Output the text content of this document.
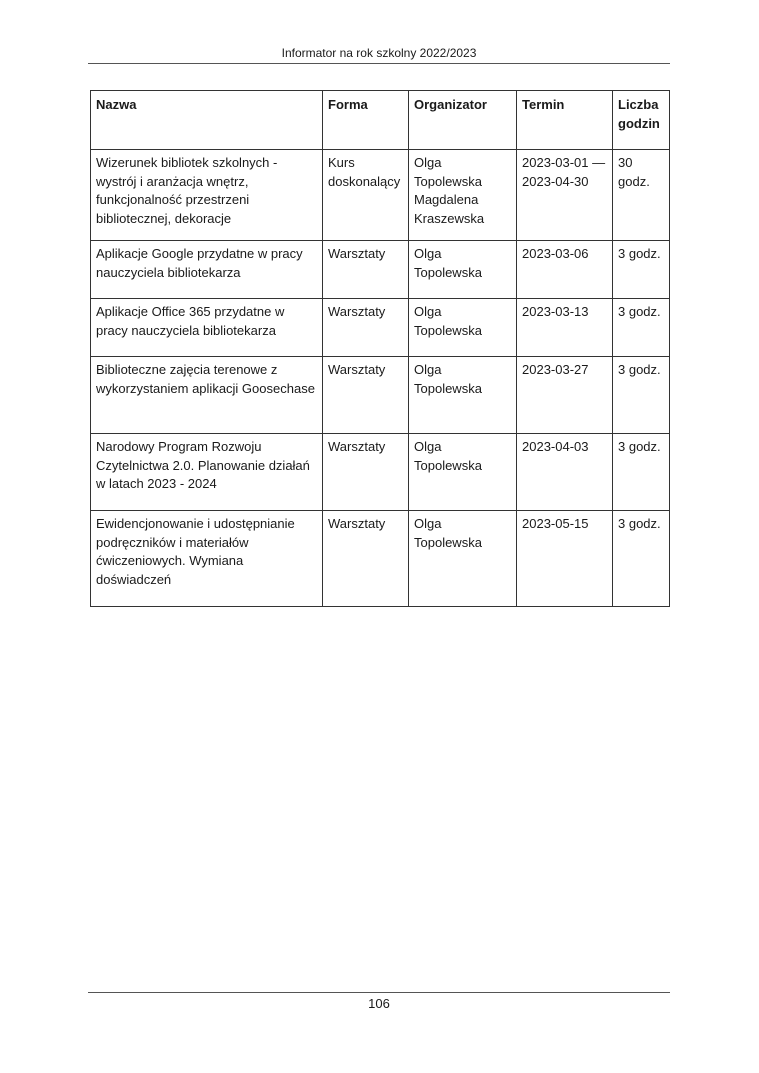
Informator na rok szkolny 2022/2023
Nazwa	Forma	Organizator	Termin	Liczba godzin
Wizerunek bibliotek szkolnych - wystrój i aranżacja wnętrz, funkcjonalność przestrzeni bibliotecznej, dekoracje	Kurs doskonalący	Olga Topolewska Magdalena Kraszewska	2023-03-01 — 2023-04-30	30 godz.
Aplikacje Google przydatne w pracy nauczyciela bibliotekarza	Warsztaty	Olga Topolewska	2023-03-06	3 godz.
Aplikacje Office 365 przydatne w pracy nauczyciela bibliotekarza	Warsztaty	Olga Topolewska	2023-03-13	3 godz.
Biblioteczne zajęcia terenowe z wykorzystaniem aplikacji Goosechase	Warsztaty	Olga Topolewska	2023-03-27	3 godz.
Narodowy Program Rozwoju Czytelnictwa 2.0. Planowanie działań w latach 2023 - 2024	Warsztaty	Olga Topolewska	2023-04-03	3 godz.
Ewidencjonowanie i udostępnianie podręczników i materiałów ćwiczeniowych. Wymiana doświadczeń	Warsztaty	Olga Topolewska	2023-05-15	3 godz.
106
